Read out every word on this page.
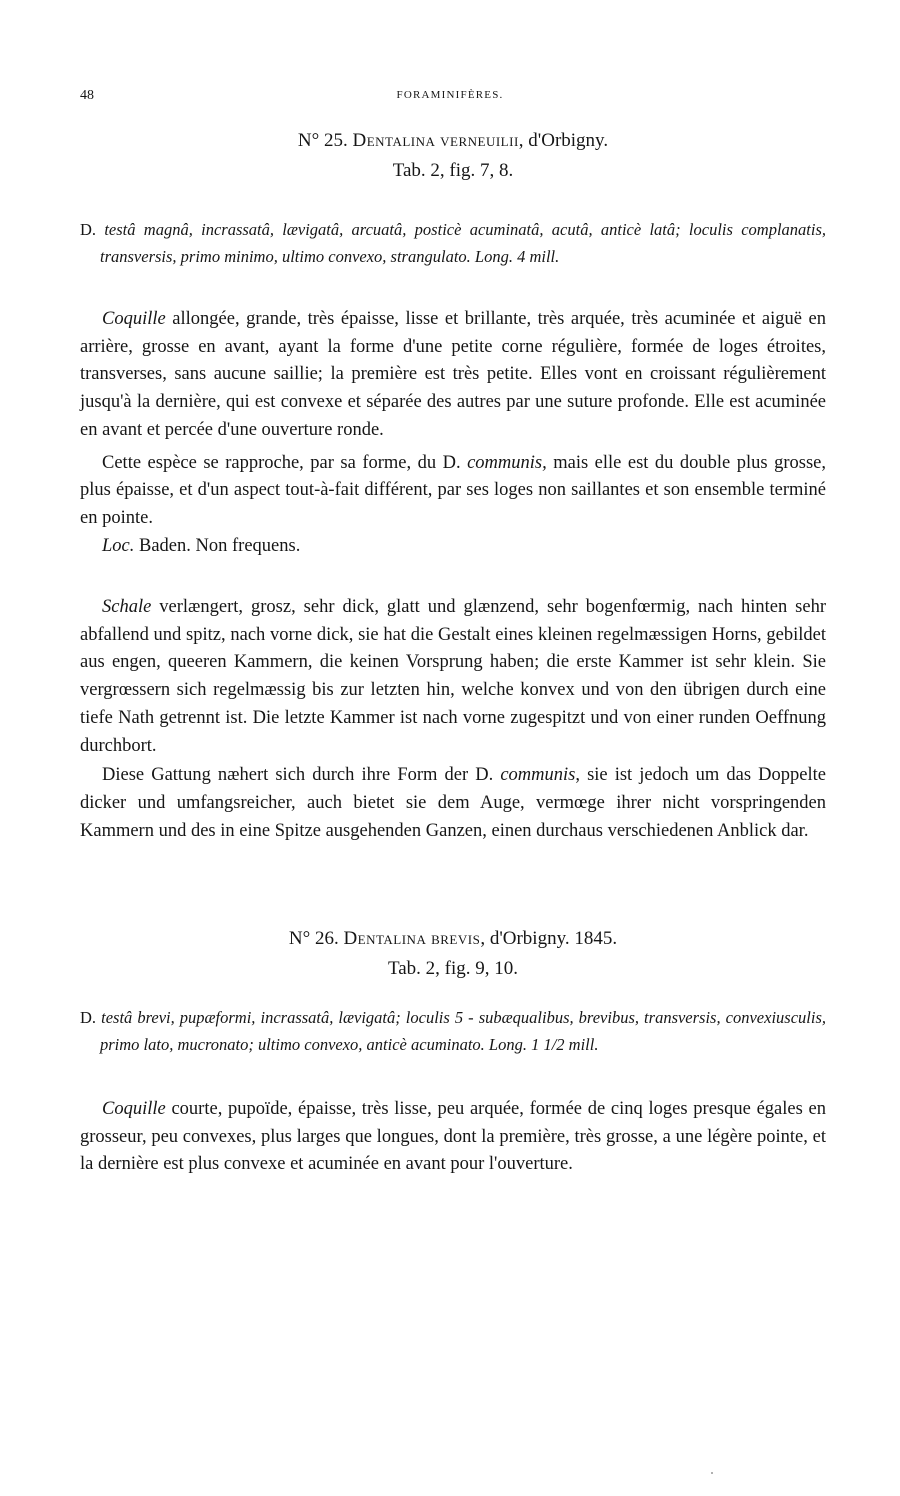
48	FORAMINIFÈRES.

N° 25. Dentalina verneuilii, d'Orbigny.

Tab. 2, fig. 7, 8.

D. testâ magnâ, incrassatâ, lævigatâ, arcuatâ, posticè acuminatâ, acutâ, anticè latâ; loculis complanatis, transversis, primo minimo, ultimo convexo, strangulato. Long. 4 mill.

Coquille allongée, grande, très épaisse, lisse et brillante, très arquée, très acuminée et aiguë en arrière, grosse en avant, ayant la forme d'une petite corne régulière, formée de loges étroites, transverses, sans aucune saillie; la première est très petite. Elles vont en croissant régulièrement jusqu'à la dernière, qui est convexe et séparée des autres par une suture profonde. Elle est acuminée en avant et percée d'une ouverture ronde.

Cette espèce se rapproche, par sa forme, du D. communis, mais elle est du double plus grosse, plus épaisse, et d'un aspect tout-à-fait différent, par ses loges non saillantes et son ensemble terminé en pointe.

Loc. Baden. Non frequens.

Schale verlængert, grosz, sehr dick, glatt und glænzend, sehr bogenfœrmig, nach hinten sehr abfallend und spitz, nach vorne dick, sie hat die Gestalt eines kleinen regelmæssigen Horns, gebildet aus engen, queeren Kammern, die keinen Vorsprung haben; die erste Kammer ist sehr klein. Sie vergrœssern sich regelmæssig bis zur letzten hin, welche konvex und von den übrigen durch eine tiefe Nath getrennt ist. Die letzte Kammer ist nach vorne zugespitzt und von einer runden Oeffnung durchbort.

Diese Gattung næhert sich durch ihre Form der D. communis, sie ist jedoch um das Doppelte dicker und umfangsreicher, auch bietet sie dem Auge, vermœge ihrer nicht vorspringenden Kammern und des in eine Spitze ausgehenden Ganzen, einen durchaus verschiedenen Anblick dar.

N° 26. Dentalina brevis, d'Orbigny. 1845.

Tab. 2, fig. 9, 10.

D. testâ brevi, pupæformi, incrassatâ, lævigatâ; loculis 5 - subæqualibus, brevibus, transversis, convexiusculis, primo lato, mucronato; ultimo convexo, anticè acuminato. Long. 1 1/2 mill.

Coquille courte, pupoïde, épaisse, très lisse, peu arquée, formée de cinq loges presque égales en grosseur, peu convexes, plus larges que longues, dont la première, très grosse, a une légère pointe, et la dernière est plus convexe et acuminée en avant pour l'ouverture.
